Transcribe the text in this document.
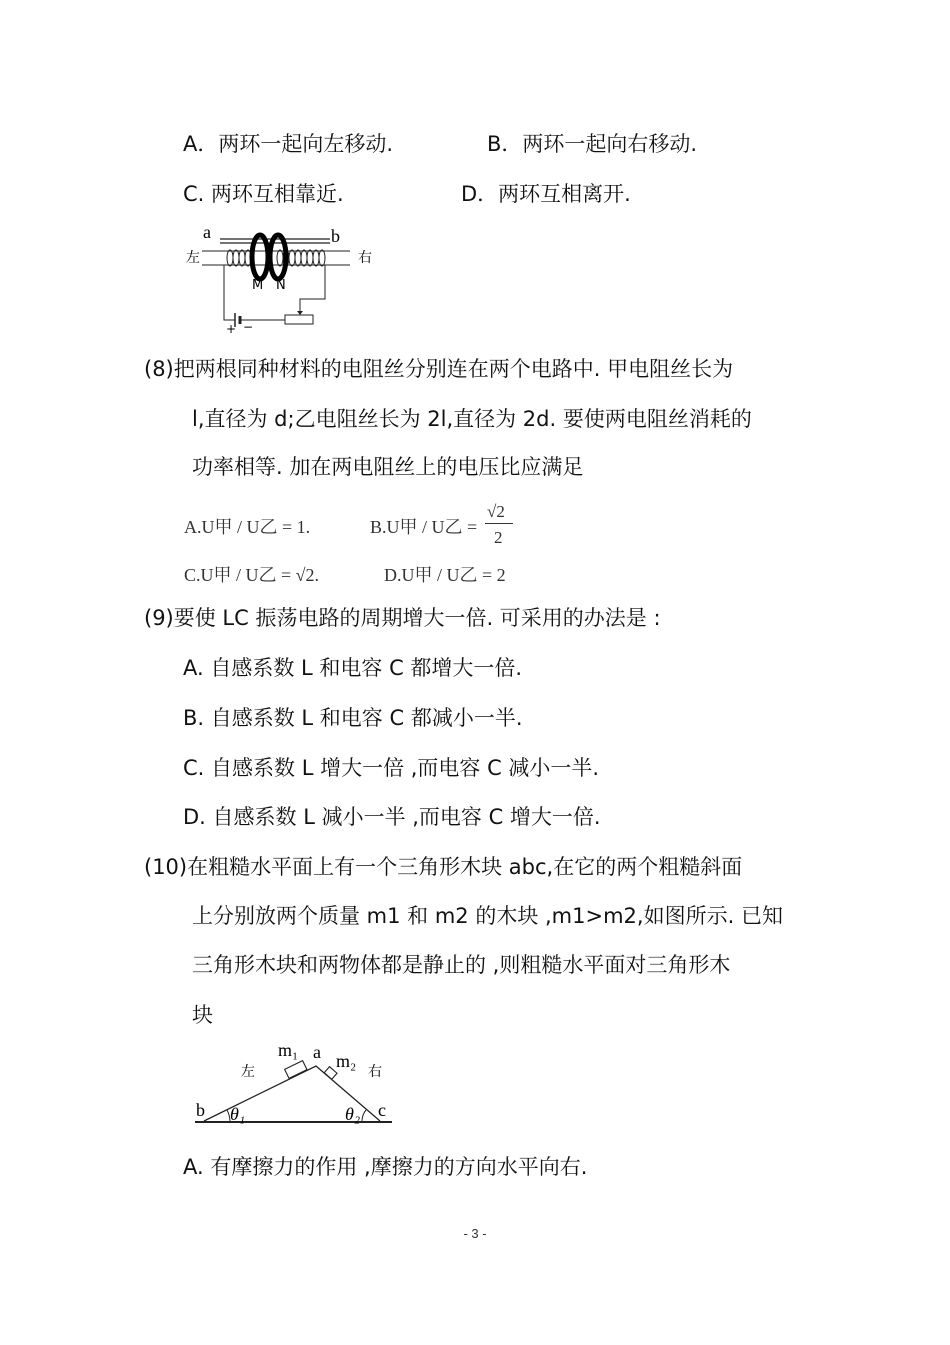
A．两环一起向左移动.	B．两环一起向右移动.
C. 两环互相靠近.	D．两环互相离开.
a	b
左	右
M N
+ −
(8)把两根同种材料的电阻丝分别连在两个电路中. 甲电阻丝长为
l,直径为 d;乙电阻丝长为 2l,直径为 2d. 要使两电阻丝消耗的
功率相等. 加在两电阻丝上的电压比应满足
A.U甲 / U乙 = 1.	B.U甲 / U乙 =
√2
2
C.U甲 / U乙 = √2.	D.U甲 / U乙 = 2
(9)要使 LC 振荡电路的周期增大一倍. 可采用的办法是 :
A. 自感系数 L 和电容 C 都增大一倍.
B. 自感系数 L 和电容 C 都减小一半.
C. 自感系数 L 增大一倍 ,而电容 C 减小一半.
D. 自感系数 L 减小一半 ,而电容 C 增大一倍.
(10)在粗糙水平面上有一个三角形木块 abc,在它的两个粗糙斜面
上分别放两个质量 m1 和 m2 的木块 ,m1>m2,如图所示. 已知
三角形木块和两物体都是静止的 ,则粗糙水平面对三角形木
块
左	右
m₁ a m₂
b	c
θ₁	θ₂
A. 有摩擦力的作用 ,摩擦力的方向水平向右.
- 3 -
